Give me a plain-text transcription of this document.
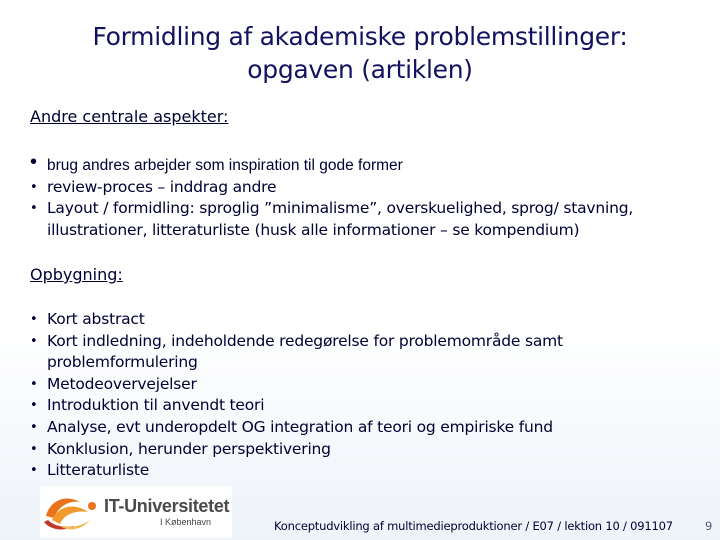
Formidling af akademiske problemstillinger:
opgaven (artiklen)
Andre centrale aspekter:
• brug andres arbejder som inspiration til gode former
• review-proces – inddrag andre
• Layout / formidling: sproglig ”minimalisme”, overskuelighed, sprog/ stavning,
illustrationer, litteraturliste (husk alle informationer – se kompendium)
Opbygning:
• Kort abstract
• Kort indledning, indeholdende redegørelse for problemområde samt
problemformulering
• Metodeovervejelser
• Introduktion til anvendt teori
• Analyse, evt underopdelt OG integration af teori og empiriske fund
• Konklusion, herunder perspektivering
• Litteraturliste
IT-Universitetet
I København	Konceptudvikling af multimedieproduktioner / E07 / lektion 10 / 091107	9
